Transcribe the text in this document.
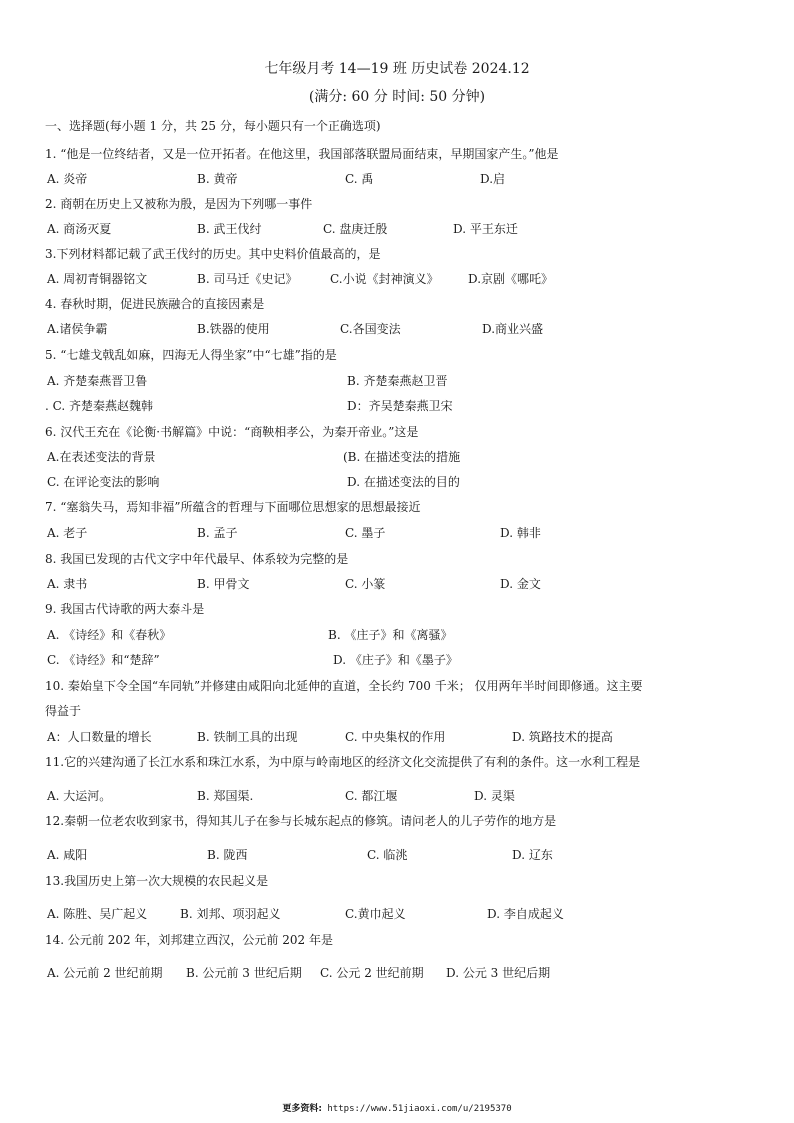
七年级月考 14—19 班 历史试卷 2024.12
(满分: 60 分 时间: 50 分钟)
一、选择题(每小题 1 分，共 25 分，每小题只有一个正确选项)
1. “他是一位终结者，又是一位开拓者。在他这里，我国部落联盟局面结束，早期国家产生。”他是
A. 炎帝	B. 黄帝	C. 禹	D.启
2. 商朝在历史上又被称为殷，是因为下列哪一事件
A. 商汤灭夏	B. 武王伐纣	C. 盘庚迁殷	D. 平王东迁
3.下列材料都记载了武王伐纣的历史。其中史料价值最高的，是
A. 周初青铜器铭文	B. 司马迁《史记》	C.小说《封神演义》 D.京剧《哪吒》
4. 春秋时期，促进民族融合的直接因素是
A.诸侯争霸	B.铁器的使用	C.各国变法	D.商业兴盛
5. “七雄戈戟乱如麻，四海无人得坐家”中“七雄”指的是
A. 齐楚秦燕晋卫鲁	B. 齐楚秦燕赵卫晋
. C. 齐楚秦燕赵魏韩	D：齐吴楚秦燕卫宋
6. 汉代王充在《论衡·书解篇》中说：“商鞅相孝公，为秦开帝业。”这是
A.在表述变法的背景	(B. 在描述变法的措施
C. 在评论变法的影响	D. 在描述变法的目的
7. “塞翁失马，焉知非福”所蕴含的哲理与下面哪位思想家的思想最接近
A. 老子	B. 孟子	C. 墨子	D. 韩非
8. 我国已发现的古代文字中年代最早、体系较为完整的是
A. 隶书	B. 甲骨文	C. 小篆	D. 金文
9. 我国古代诗歌的两大泰斗是
A. 《诗经》和《春秋》	B. 《庄子》和《离骚》
C. 《诗经》和“楚辞”	D. 《庄子》和《墨子》
10. 秦始皇下令全国“车同轨”并修建由咸阳向北延伸的直道，全长约 700 千米； 仅用两年半时间即修通。这主要
得益于
A：人口数量的增长	B. 铁制工具的出现	C. 中央集权的作用	D. 筑路技术的提高
11.它的兴建沟通了长江水系和珠江水系，为中原与岭南地区的经济文化交流提供了有利的条件。这一水利工程是
A. 大运河。	B. 郑国渠.	C. 都江堰	D. 灵渠
12.秦朝一位老农收到家书，得知其儿子在参与长城东起点的修筑。请问老人的儿子劳作的地方是
A. 咸阳	B. 陇西	C. 临洮	D. 辽东
13.我国历史上第一次大规模的农民起义是
A. 陈胜、吴广起义	B. 刘邦、项羽起义	C.黄巾起义	D. 李自成起义
14. 公元前 202 年，刘邦建立西汉，公元前 202 年是
A. 公元前 2 世纪前期 B. 公元前 3 世纪后期 C. 公元 2 世纪前期 D. 公元 3 世纪后期
更多资料: https://www.51jiaoxi.com/u/2195370
